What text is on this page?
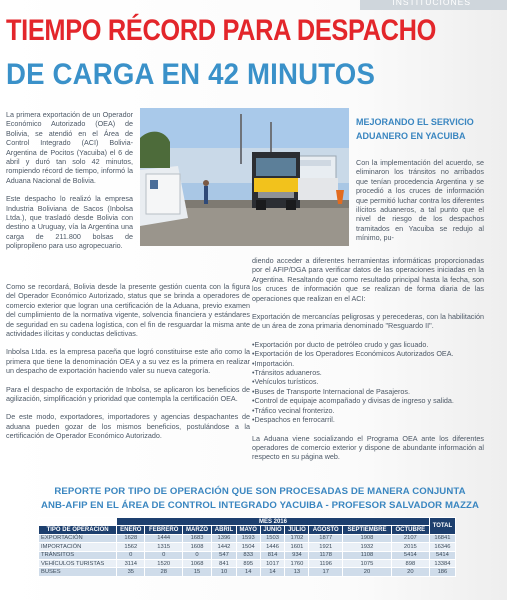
INSTITUCIONES
TIEMPO RÉCORD PARA DESPACHO
DE CARGA EN 42 MINUTOS

La primera exportación de un Operador Económico Autorizado (OEA) de Bolivia, se atendió en el Área de Control Integrado (ACI) Bolivia-Argentina de Pocitos (Yacuiba) el 6 de abril y duró tan solo 42 minutos, rompiendo récord de tiempo, informó la Aduana Nacional de Bolivia.

Este despacho lo realizó la empresa Industria Boliviana de Sacos (Inbolsa Ltda.), que trasladó desde Bolivia con destino a Uruguay, vía la Argentina una carga de 211.800 bolsas de polipropileno para uso agropecuario.

MEJORANDO EL SERVICIO ADUANERO EN YACUIBA

Con la implementación del acuerdo, se eliminaron los tránsitos no arribados que tenían procedencia Argentina y se procedió a los cruces de información que permitió luchar contra los diferentes ilícitos aduaneros, a tal punto que el nivel de riesgo de los despachos tramitados en Yacuiba se redujo al mínimo, pu-

Como se recordará, Bolivia desde la presente gestión cuenta con la figura del Operador Económico Autorizado, status que se brinda a operadores de comercio exterior que logran una certificación de la Aduana, previo examen del cumplimiento de la normativa vigente, solvencia financiera y estándares de seguridad en su cadena logística, con el fin de resguardar la misma ante actividades ilícitas y conductas delictivas.

Inbolsa Ltda. es la empresa paceña que logró constituirse este año como la primera que tiene la denominación OEA y a su vez es la primera en realizar un despacho de exportación haciendo valer su nueva categoría.

Para el despacho de exportación de Inbolsa, se aplicaron los beneficios de agilización, simplificación y prioridad que contempla la certificación OEA.

De este modo, exportadores, importadores y agencias despachantes de aduana pueden gozar de los mismos beneficios, postulándose a la certificación de Operador Económico Autorizado.

diendo acceder a diferentes herramientas informáticas proporcionadas por el AFIP/DGA para verificar datos de las operaciones iniciadas en la Argentina. Resaltando que como resultado principal hasta la fecha, son los cruces de información que se realizan de forma diaria de las operaciones que realizan en el ACI:

Exportación de mercancías peligrosas y perecederas, con la habilitación de un área de zona primaria denominado "Resguardo II".

• Exportación por ducto de petróleo crudo y gas licuado.
• Exportación de los Operadores Económicos Autorizados OEA.
• Importación.
• Tránsitos aduaneros.
• Vehículos turísticos.
• Buses de Transporte Internacional de Pasajeros.
• Control de equipaje acompañado y divisas de ingreso y salida.
• Tráfico vecinal fronterizo.
• Despachos en ferrocarril.

La Aduana viene socializando el Programa OEA ante los diferentes operadores de comercio exterior y dispone de abundante información al respecto en su página web.

REPORTE POR TIPO DE OPERACIÓN QUE SON PROCESADAS DE MANERA CONJUNTA
ANB-AFIP EN EL ÁREA DE CONTROL INTEGRADO YACUIBA - PROFESOR SALVADOR MAZZA
	MES 2016										TOTAL
TIPO DE OPERACIÓN	ENERO	FEBRERO	MARZO	ABRIL	MAYO	JUNIO	JULIO	AGOSTO	SEPTIEMBRE	OCTUBRE	
EXPORTACIÓN	1628	1444	1683	1396	1593	1503	1702	1877	1908	2107	16841
IMPORTACIÓN	1562	1315	1608	1442	1504	1446	1601	1921	1932	2015	16346
TRÁNSITOS	0	0	0	547	833	814	934	1178	1108	5414	5414
VEHÍCULOS TURISTAS	3114	1520	1068	841	895	1017	1760	1196	1075	898	13384
BUSES	35	28	15	10	14	14	13	17	20	20	186
